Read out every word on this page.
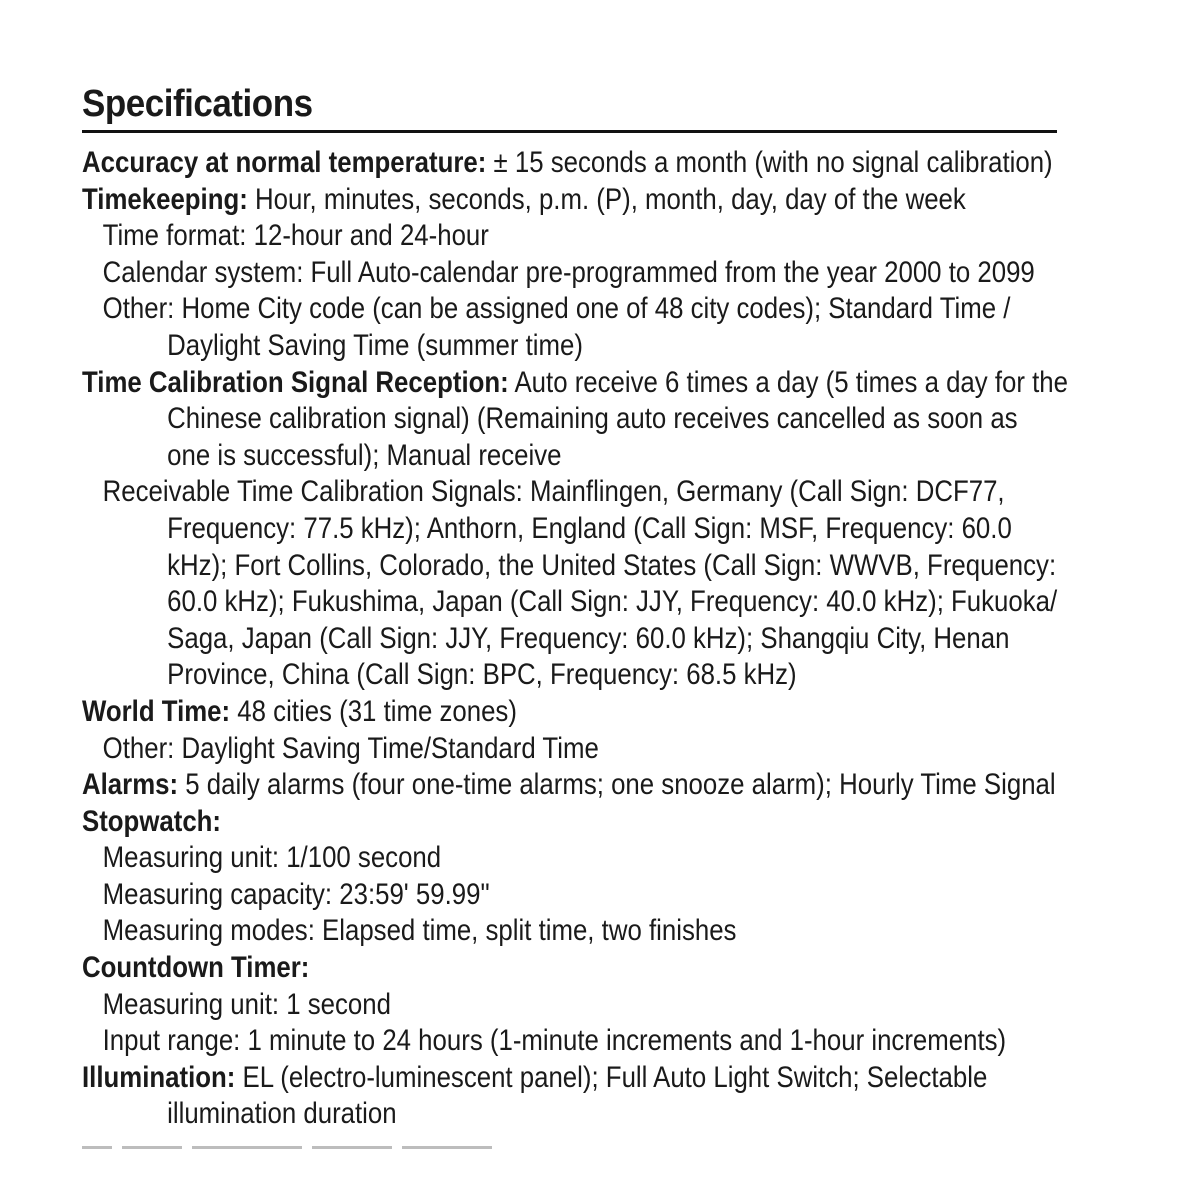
Specifications
Accuracy at normal temperature: ± 15 seconds a month (with no signal calibration)
Timekeeping: Hour, minutes, seconds, p.m. (P), month, day, day of the week
Time format: 12-hour and 24-hour
Calendar system: Full Auto-calendar pre-programmed from the year 2000 to 2099
Other: Home City code (can be assigned one of 48 city codes); Standard Time /
Daylight Saving Time (summer time)
Time Calibration Signal Reception: Auto receive 6 times a day (5 times a day for the
Chinese calibration signal) (Remaining auto receives cancelled as soon as
one is successful); Manual receive
Receivable Time Calibration Signals: Mainflingen, Germany (Call Sign: DCF77,
Frequency: 77.5 kHz); Anthorn, England (Call Sign: MSF, Frequency: 60.0
kHz); Fort Collins, Colorado, the United States (Call Sign: WWVB, Frequency:
60.0 kHz); Fukushima, Japan (Call Sign: JJY, Frequency: 40.0 kHz); Fukuoka/
Saga, Japan (Call Sign: JJY, Frequency: 60.0 kHz); Shangqiu City, Henan
Province, China (Call Sign: BPC, Frequency: 68.5 kHz)
World Time: 48 cities (31 time zones)
Other: Daylight Saving Time/Standard Time
Alarms: 5 daily alarms (four one-time alarms; one snooze alarm); Hourly Time Signal
Stopwatch:
Measuring unit: 1/100 second
Measuring capacity: 23:59' 59.99"
Measuring modes: Elapsed time, split time, two finishes
Countdown Timer:
Measuring unit: 1 second
Input range: 1 minute to 24 hours (1-minute increments and 1-hour increments)
Illumination: EL (electro-luminescent panel); Full Auto Light Switch; Selectable
illumination duration
